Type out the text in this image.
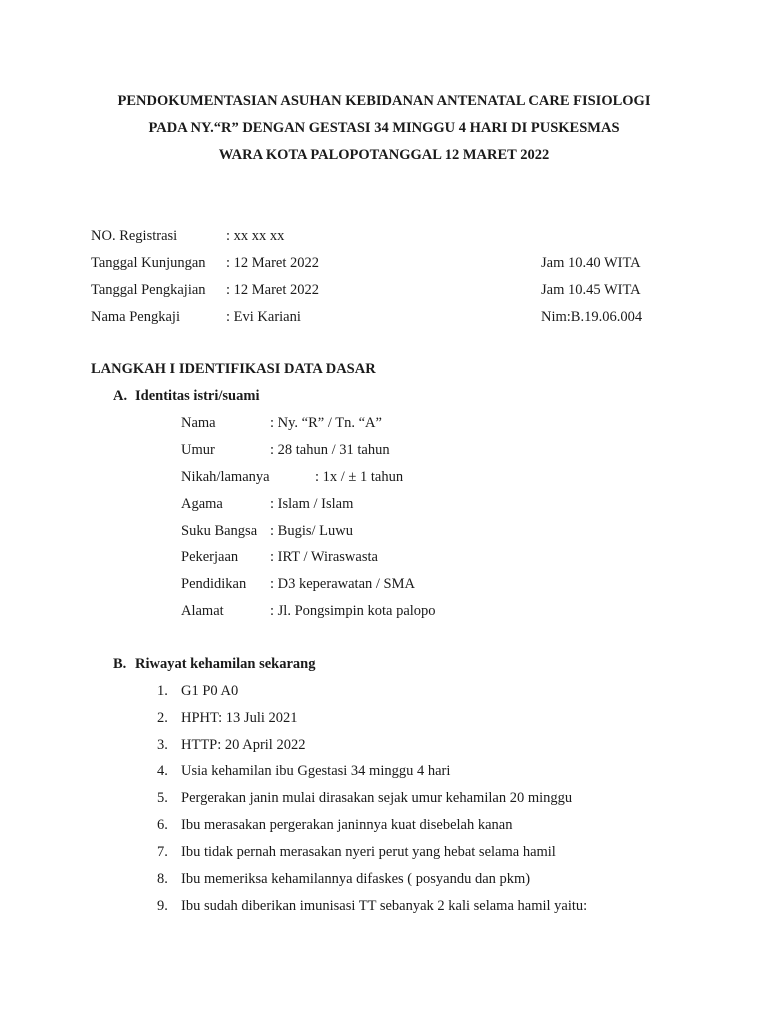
PENDOKUMENTASIAN ASUHAN KEBIDANAN ANTENATAL CARE FISIOLOGI
PADA NY.“R” DENGAN GESTASI 34 MINGGU 4 HARI DI PUSKESMAS
WARA KOTA PALOPOTANGGAL 12 MARET 2022
NO. Registrasi	: xx xx xx
Tanggal Kunjungan : 12 Maret 2022	Jam 10.40 WITA
Tanggal Pengkajian : 12 Maret 2022	Jam 10.45 WITA
Nama Pengkaji	: Evi Kariani	Nim:B.19.06.004
LANGKAH I IDENTIFIKASI DATA DASAR
A. Identitas istri/suami
Nama	: Ny. “R” / Tn. “A”
Umur	: 28 tahun / 31 tahun
Nikah/lamanya	: 1x / ± 1 tahun
Agama	: Islam / Islam
Suku Bangsa : Bugis/ Luwu
Pekerjaan : IRT / Wiraswasta
Pendidikan : D3 keperawatan / SMA
Alamat	: Jl. Pongsimpin kota palopo
B. Riwayat kehamilan sekarang
1. G1 P0 A0
2. HPHT: 13 Juli 2021
3. HTTP: 20 April 2022
4. Usia kehamilan ibu Ggestasi 34 minggu 4 hari
5. Pergerakan janin mulai dirasakan sejak umur kehamilan 20 minggu
6. Ibu merasakan pergerakan janinnya kuat disebelah kanan
7. Ibu tidak pernah merasakan nyeri perut yang hebat selama hamil
8. Ibu memeriksa kehamilannya difaskes ( posyandu dan pkm)
9. Ibu sudah diberikan imunisasi TT sebanyak 2 kali selama hamil yaitu:
